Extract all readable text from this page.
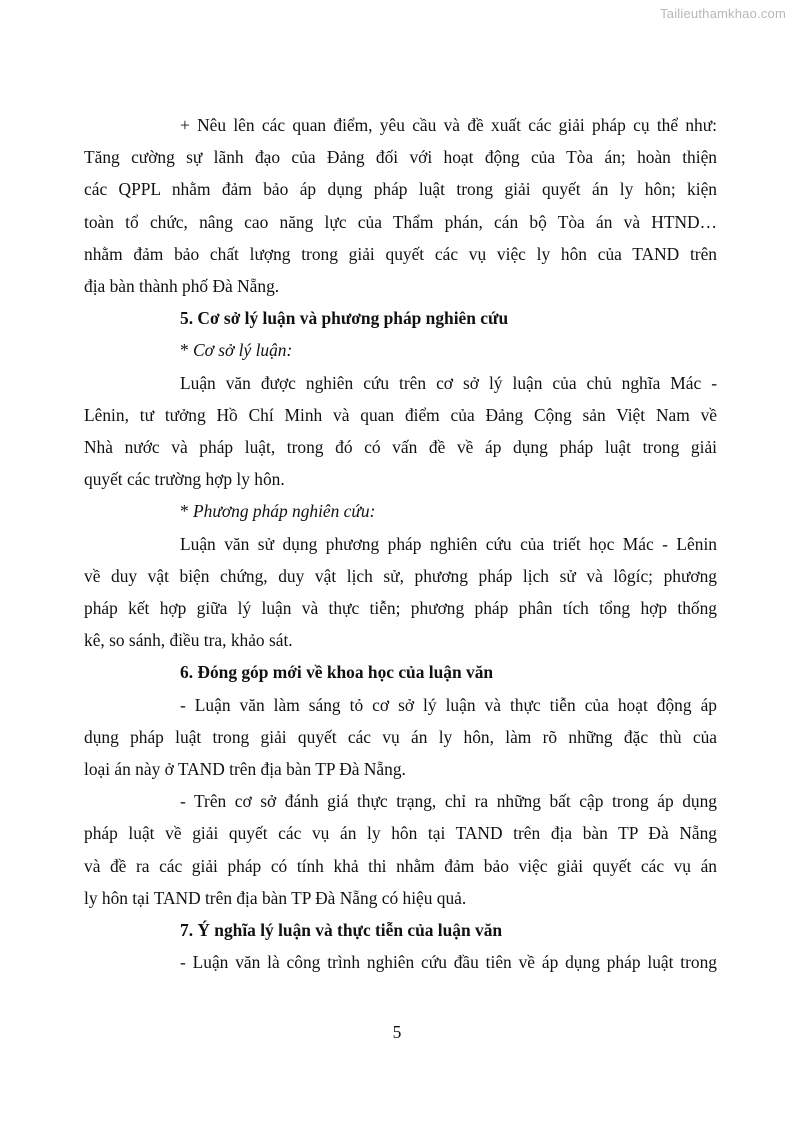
Tailieuthamkhao.com

+ Nêu lên các quan điểm, yêu cầu và đề xuất các giải pháp cụ thể như:
Tăng cường sự lãnh đạo của Đảng đối với hoạt động của Tòa án; hoàn thiện
các QPPL nhằm đảm bảo áp dụng pháp luật trong giải quyết án ly hôn; kiện
toàn tổ chức, nâng cao năng lực của Thẩm phán, cán bộ Tòa án và HTND…
nhằm đảm bảo chất lượng trong giải quyết các vụ việc ly hôn của TAND trên
địa bàn thành phố Đà Nẵng.

5. Cơ sở lý luận và phương pháp nghiên cứu

* Cơ sở lý luận:

Luận văn được nghiên cứu trên cơ sở lý luận của chủ nghĩa Mác -
Lênin, tư tưởng Hồ Chí Minh và quan điểm của Đảng Cộng sản Việt Nam về
Nhà nước và pháp luật, trong đó có vấn đề về áp dụng pháp luật trong giải
quyết các trường hợp ly hôn.

* Phương pháp nghiên cứu:

Luận văn sử dụng phương pháp nghiên cứu của triết học Mác - Lênin
về duy vật biện chứng, duy vật lịch sử, phương pháp lịch sử và lôgíc; phương
pháp kết hợp giữa lý luận và thực tiễn; phương pháp phân tích tổng hợp thống
kê, so sánh, điều tra, khảo sát.

6. Đóng góp mới về khoa học của luận văn

- Luận văn làm sáng tỏ cơ sở lý luận và thực tiễn của hoạt động áp
dụng pháp luật trong giải quyết các vụ án ly hôn, làm rõ những đặc thù của
loại án này ở TAND trên địa bàn TP Đà Nẵng.

- Trên cơ sở đánh giá thực trạng, chỉ ra những bất cập trong áp dụng
pháp luật về giải quyết các vụ án ly hôn tại TAND trên địa bàn TP Đà Nẵng
và đề ra các giải pháp có tính khả thi nhằm đảm bảo việc giải quyết các vụ án
ly hôn tại TAND trên địa bàn TP Đà Nẵng có hiệu quả.

7. Ý nghĩa lý luận và thực tiễn của luận văn

- Luận văn là công trình nghiên cứu đầu tiên về áp dụng pháp luật trong

5
